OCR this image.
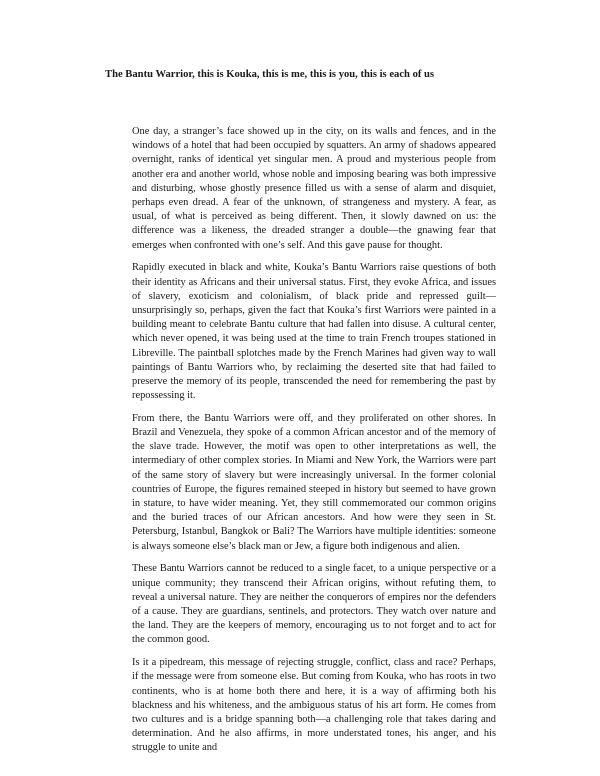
The Bantu Warrior, this is Kouka, this is me, this is you, this is each of us

One day, a stranger’s face showed up in the city, on its walls and fences, and in the windows of a hotel that had been occupied by squatters. An army of shadows appeared overnight, ranks of identical yet singular men. A proud and mysterious people from another era and another world, whose noble and imposing bearing was both impressive and disturbing, whose ghostly presence filled us with a sense of alarm and disquiet, perhaps even dread. A fear of the unknown, of strangeness and mystery. A fear, as usual, of what is perceived as being different. Then, it slowly dawned on us: the difference was a likeness, the dreaded stranger a double—the gnawing fear that emerges when confronted with one’s self. And this gave pause for thought.

Rapidly executed in black and white, Kouka’s Bantu Warriors raise questions of both their identity as Africans and their universal status. First, they evoke Africa, and issues of slavery, exoticism and colonialism, of black pride and repressed guilt—unsurprisingly so, perhaps, given the fact that Kouka’s first Warriors were painted in a building meant to celebrate Bantu culture that had fallen into disuse. A cultural center, which never opened, it was being used at the time to train French troupes stationed in Libreville. The paintball splotches made by the French Marines had given way to wall paintings of Bantu Warriors who, by reclaiming the deserted site that had failed to preserve the memory of its people, transcended the need for remembering the past by repossessing it.

From there, the Bantu Warriors were off, and they proliferated on other shores. In Brazil and Venezuela, they spoke of a common African ancestor and of the memory of the slave trade. However, the motif was open to other interpretations as well, the intermediary of other complex stories. In Miami and New York, the Warriors were part of the same story of slavery but were increasingly universal. In the former colonial countries of Europe, the figures remained steeped in history but seemed to have grown in stature, to have wider meaning. Yet, they still commemorated our common origins and the buried traces of our African ancestors. And how were they seen in St. Petersburg, Istanbul, Bangkok or Bali? The Warriors have multiple identities: someone is always someone else’s black man or Jew, a figure both indigenous and alien.

These Bantu Warriors cannot be reduced to a single facet, to a unique perspective or a unique community; they transcend their African origins, without refuting them, to reveal a universal nature. They are neither the conquerors of empires nor the defenders of a cause. They are guardians, sentinels, and protectors. They watch over nature and the land. They are the keepers of memory, encouraging us to not forget and to act for the common good.

Is it a pipedream, this message of rejecting struggle, conflict, class and race? Perhaps, if the message were from someone else. But coming from Kouka, who has roots in two continents, who is at home both there and here, it is a way of affirming both his blackness and his whiteness, and the ambiguous status of his art form. He comes from two cultures and is a bridge spanning both—a challenging role that takes daring and determination. And he also affirms, in more understated tones, his anger, and his struggle to unite and
